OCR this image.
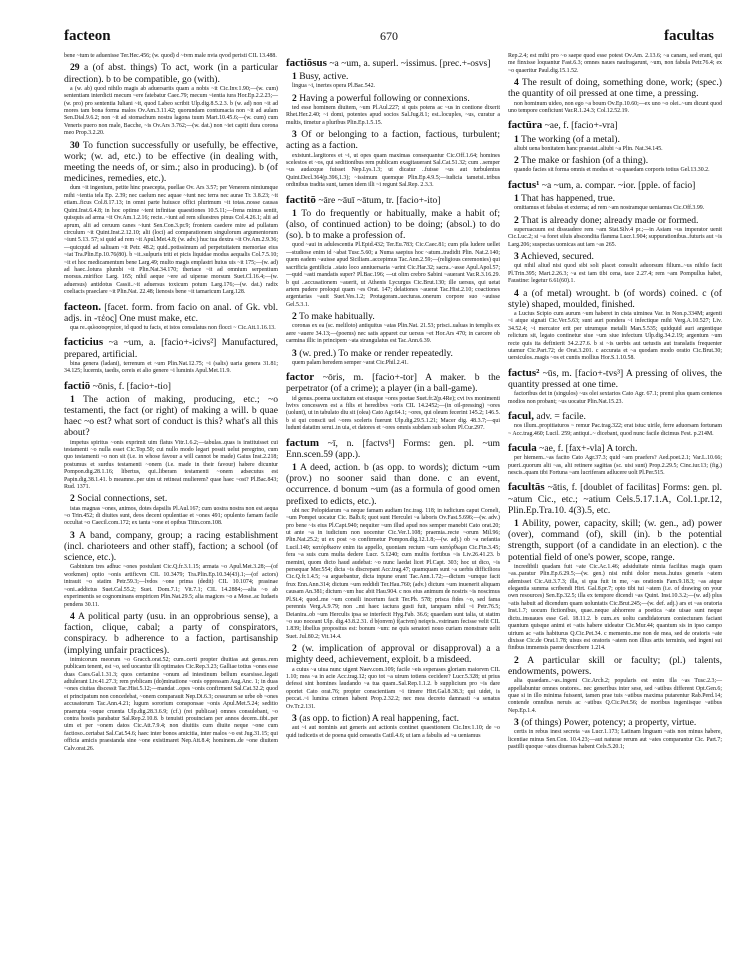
facteon	670	facultas

bene ~tum te aduenisse Ter.Hec.456; (w. quod) d ~tvm male nvia qvod peristi CIL 13.488.

29 a (of abst. things) To act, work (in a particular direction). b to be compatible, go (with).

a (w. ab) quod nihilo magis ab aduersariis quam a nobis ~it Cic.Inv.1.90;—(w. cum) sententiam interdicti mecum ~ere fatebatur Caec.79; mecum ~ientia iura Hor.Ep.2.2.23;—(w. pro) pro sententia Iuliani ~it, quod Labeo scribit Ulp.dig.8.5.2.3. b (w. ad) non ~it ad mores tam bona forma malos Ov.Am.3.11.42; quorundam contumacia non ~it ad aulam Sen.Dial.9.6.2; non ~it ad stomachum nostra lagona tuum Mart.10.45.6;—(w. cum) cum Veneris puero non male, Bacche, ~is Ov.Ars 3.762;—(w. dat.) non ~iet capiti dura corona meo Prop.3.2.20.

30 To function successfully or usefully, be effective, work; (w. ad, etc.) to be effective (in dealing with, meeting the needs of, or sim.; also in producing). b (of medicines, remedies, etc.).

dum ~it ingenium, petite hinc praecepta, puellae Ov. Ars 3.57; per Venerem nimiumque mihi ~ientia tela Ep. 2.39; nec caelum nec aquae ~iunt nec terra nec aurae Tr. 3.8.23; ~it etiam..ficus Col.8.17.13; in omni parte huiusce offici plurimum ~it totas..nosse causas Quint.Inst.6.4.8; in hoc optime ~ient infinitae quaestiones 10.5.11;—frena minus sentit, quisquis ad arma ~it Ov.Am.1.2.16; recte..~iunt ad rem siluestres pinus Col.4.26.1; alii ad aprum, alii ad ceruum canes ~iunt Sen.Con.3.pr.9; frontem caedere mire ad pullatum circulum ~it Quint.Inst.2.12.10; alii (loci) ad comparationem singulorum argumentorum ~iunt 5.13. 57; si quid ad rem ~it Apul.Met.4.8; (w. adv.) huc tua dextra ~it Ov.Am.2.9.36;—quicquid ad saliuam ~it Petr. 48.2; quid..potissimum ad perpetuitatem memoriae eius ~iat Tra.Plin.Ep.10.76(80). b ~it..sulpuris triti et picis liquidae modus aequalis Col.7.5.10; ~it et hoc medicamentum bene Larg.49; multo magis emplastri huius uis ~it 175;—(w. ad) ad haec..lotura plumbi ~it Plin.Nat.34.170; theriace ~it ad omnium serpentium morsus..mirifice Larg. 165; nihil aeque ~ere ad uiperae morsum Suet.Cl.16.4;—(w. aduersus) antidotus Cassii..~it aduersus toxicum potum Larg.176;—(w. dat.) radix coeliacis praeclare ~it Plin.Nat. 22.48; lienosis bene ~it tamaricum Larg.128.

facteon. [facet. form. from facio on anal. of Gk. vbl. adjs. in -τέος] One must make, etc.

qua re..φιλοσοφητέον, id quod tu facis, et istos consulatus non flocci ~ Cic.Att.1.16.13.

facticius ~a ~um, a. [facio+-icivs²] Manufactured, prepared, artificial.

bina genera (ladani), terrenum et ~um Plin.Nat.12.75; ~i (salis) uaria genera 31.81; 34.125; lucernis, taedis, cereis et alio genere ~i luminis Apul.Met.11.9.

factiō ~ōnis, f. [facio+-tio]

1 The action of making, producing, etc.; ~o testamenti, the fact (or right) of making a will. b quae haec ~o est? what sort of conduct is this? what's all this about?

impetus spiritus ~onis exprimit uim flatus Vitr.1.6.2;—tabulas..quas is instituisset cui testamenti ~o nulla esset Cic.Top.50; cui nullo modo legari possit uelut peregrino, cum quo testamenti ~o non sit (i.e. in whose favour a will cannot be made) Gaius Inst.2.218; postumus et surdus testamenti ~onem (i.e. made in their favour) habere dicuntur Pompon.dig.28.1.16; libertus, qui..liberam testamenti ~onem adsecutus est Papin.dig.38.1.41. b meamne..per uim ut retineat mulierem? quae haec ~ost? Pl.Bac.843; Rud. 1371.

2 Social connections, set.

istas magnas ~ones, animos, dotes dapsilis Pl.Aul.167; cum uostra nostra non est aequa ~o Trin.452; di diuites sunt, deos decent opulentiae et ~ones 491; opulento famam facile occultat ~o Caecil.com.172; ex tanta ~one et opibus Titin.com.108.

3 A band, company, group; a racing establishment (incl. charioteers and other staff), faction; a school (of science, etc.).

Gabinium tres adhuc ~ones postulant Cic.Q.fr.3.1.15; armata ~o Apul.Met.3.28;—(of workmen) optio ~onis artificvm CIL 10.3479; Tra.Plin.Ep.10.34(43).1;—(of actors) intrauit ~o statim Petr.59.3;—lvdos ~one prima (dedit) CIL 10.1074; prasinae ~oni..addictus Suet.Cal.55.2; Suet. Dom.7.1; Vit.7.1; CIL 14.2884;—alia ~o ab experimentis se cognominans empiricen Plin.Nat.29.5; alia magices ~o a Mose..ac Iudaeis pendens 30.11.

4 A political party (usu. in an opprobrious sense), a faction, clique, cabal; a party of conspirators, conspiracy. b adherence to a faction, partisanship (implying unfair practices).

inimicorum meorum ~o Gracch.orat.52; cum..certi propter diuitias aut genus..rem publicam tenent, est ~o, sed uocantur illi optimates Cic.Rep.3.23; Galliae totius ~ones esse duas Caes.Gal.1.31.3; quos certamine ~onum ad intestinum bellum exarsisse..legati adtulerant Liv.41.27.3; rem pvblicam (do)minatione ~onis oppressam Aug.Anc. 1; in duas ~ones ciuitas discessit Tac.Hist.5.12;—mandat ..opes ~onis confirment Sal.Cat.32.2; quod ei principatum non concedebat, ~onem comparauit Nep.Di.6.3; cessurum se urbe ob ~ones accusatorum Tac.Ann.4.21; lugum sororium consponsae ~onis Apul.Met.5.24; seditio praerupta ~oque cruenta Ulp.dig.28.3.6.9; (cf.) (rei publicae) omnes consulebant, ~o contra hostis parabatur Sal.Rep.2.10.8. b tenuisti prouinciam per annos decem..tibi..per uim et per ~onem datos Cic.Att.7.9.4; non diuitiis cum diuite neque ~one cum factioso..certabat Sal.Cat.54.6; haec inter bonos amicitia, inter malos ~o est Jug.31.15; qui officia amicis praestanda sine ~one existimaret Nep.Att.8.4; hominem..de ~one diuitem Calv.orat.26.

factiōsus ~a ~um, a. superl. ~issimus. [prec.+-osvs]

1 Busy, active.

lingua ~i, inertes opera Pl.Bac.542.

2 Having a powerful following or connexions.

ted esse hominem diuitem, ~um Pl.Aul.227; si quis potens ac ~us in contione dixerit Rhet.Her.2.40; ~i domi, potentes apud socios Sal.Jug.8.1; est..locuples, ~us, curatur a multis, timetur a pluribus Plin.Ep.1.5.15.

3 Of or belonging to a faction, factious, turbulent; acting as a faction.

existunt..largitores et ~i, ut opes quam maximas consequantur Cic.Off.1.64; homines scelestos et ~os, qui seditionibus rem publicam exagitauerant Sal.Cat.51.32; cum ..semper ~us audaxque fuisset Nep.Lys.1.3; ut dicatur ..fuisse ~us aut turbulentus Quint.Decl.364(p.396,1.3); ~issimum quemque Plin.Ep.4.9.5;—iudicia tametsi..tribus ordinibus tradita sunt, tamen idem illi ~i regunt Sal.Rep. 2.3.3.

factitō ~āre ~āuī ~ātum, tr. [facio+-ito]

1 To do frequently or habitually, make a habit of; (also, of continued action) to be doing; (absol.) to do (so). b to make a profession of.

quod ~aui in adulescentia Pl.Epid.432; Ter.Eu.783; Cic.Caec.81; cum pila ludere uellet—studiose enim id ~abat Tusc.5.60; a Numa saepius hoc ~atum..tradidit Plin. Nat.2.140; quem eadem ~auisse apud Siciliam..accepimus Tac.Ann.2.59;—(religious ceremonies) qui sacrificia gentilicia ..stato loco anniuersaria ~arint Cic.Har.32; sacra..~asse Apul.Apol.57;—quid ~asti mandatis super? Pl.Bac.196; —ut olim crebro Sabini ~auerant Var.R.3.16.29. b qui ..accusationem ~auerit, ut Athenis Lycurgus Cic.Brut.130; ille uersus, qui uetat artem pudere proloqui quam ~es Orat. 147; delationes ~auerat Tac.Hist.2.10; coactiones argentarias ~auit Suet.Ves.1.2; Protagoram..uecturas..onerum corpore suo ~auisse Gel.5.3.1.

2 To make habitually.

coronas ex ea (sc. meliloto) antiquitus ~atas Plin.Nat. 21.53; prisci..ualuas in templis ex aere ~auere 34.13;—(poems) nec satis apparet cur uersus ~et Hor.Ars 470; in carcere ob carmina illic in principem ~ata strangulatus est Tac.Ann.6.39.

3 (w. pred.) To make or render repeatedly.

quem palam heredem semper ~arat Cic.Phil.2.41.

factor ~ōris, m. [facio+-tor] A maker. b the perpetrator (of a crime); a player (in a ball-game).

id genus..poema uocitatum est eiusque ~ores poetae Suet.fr.2(p.4Re); cvi ivs monimenti hvivs concessvm est a filis et heredibvs ~oris CIL 14.2452;—(in oil-pressing) ~ores (uolunt), ut in tabulato diu sit (olea) Cato Agr.64.1; ~ores, qui oleum fecerint 145.2; 146.5. b si qui conscii uel ~ores sceleris fuerunt Ulp.dig.29.5.1.21; Macer dig. 48.3.7;—qui ludunt datatim serui..in uia, et datores et ~ores omnis subdam sub solum Pl.Cur.297.

factum ~ī, n. [factvs¹] Forms: gen. pl. ~um Enn.scen.59 (app.).

1 A deed, action. b (as opp. to words); dictum ~um (prov.) no sooner said than done. c an event, occurrence. d bonum ~um (as a formula of good omen prefixed to edicts, etc.).

ubi nec Pelopidarum ~a neque famam audiam Inc.trag. 118; in iudicium caput Corneli, ~um Pompei uocatur Cic. Balb.6; quot sunt Herculei ~a laboris Ov.Fast.5.696;—(w. adv.) pro bene ~is eius Pl.Capt.940; nequiter ~um illud apud nos semper manebit Cato orat.20; ut ante ~a in iudicium non uocentur Cic.Ver.1.108; praemia..recte ~orum Mil.96; Plin.Nat.25.2; ut ex post ~o confirmetur Pompon.dig.12.1.8;—(w. adj.) ob ~a nefantia Lucil.140; κατόρθωσιν enim ita appello, quoniam rectum ~um κατόρθωμα Cic.Fin.3.45; fera ~a suis cum multa dedere Lucr. 5.1240; cum multis fortibus ~is Liv.26.41.23. b memini, quom dicto haud audebat: ~o nunc laedat licet Pl.Capt. 303; hoc ut dico, ~is persequar Mer.554; dicta ~is discrepant Acc.trag.47; quamquam sunt ~a uerbis difficiliora Cic.Q.fr.1.4.5; ~a arguebantur, dicta inpune erant Tac.Ann.1.72;—dictum ~umque facit frux Enn.Ann.314; dictum ~um reddidi Ter.Hau.760; (adv.) dictum ~um inuenerit aliquam causam An.381; dictum ~um huc abit Hau.904. c nos eius animum de nostris ~is noscimus Pl.St.4; quod..me ~um consili incertum facit Ter.Ph. 578; prisca fides ~o, sed fama perennis Verg.A.9.79; non ..mi haec iactura gusti fuit, tanquam nihil ~i Petr.76.5; Deianira..ob ~um Herculis ipsa se interfecit Hyg.Fab. 36.6; quaedam sunt talia, ut statim ~o suo noceant Ulp. dig.43.8.2.31. d b(onvm) f(actvm) neiqvis..vstrinam fecisse velit CIL 1.839; libellus propositus est: bonum ~um: ne quis senatori nouo curiam monstrare uelit Suet. Jul.80.2; Vit.14.4.

2 (w. implication of approval or disapproval) a a mighty deed, achievement, exploit. b a misdeed.

a cuius ~a uiua nunc uigent Naev.com.109; facile ~eis svperases gloriam maiorvm CIL 1.10; mea ~a in acie Acc.trag.12; quo tot ~a uirum totiens cecidere? Lucr.5.328; ut prius defessi sint homines laudando ~a tua quam..Sal.Rep.1.1.2. b supplicium pro ~is dare oportet Cato orat.76; propter conscientiam ~i timere Hirt.Gal.8.38.3; qui uidet, is peccat..~i lumina crimen habent Prop.2.32.2; nec mea decreto damnasti ~a senatus Ov.Tr.2.131.

3 (as opp. to fiction) A real happening, fact.

aut ~i aut nominis aut generis aut actionis continet quaestionem Cic.Inv.1.10; de ~o quid iudicetis et de poena quid censeatis Catil.4.6; ut iam a fabulis ad ~a ueniamus

Rep.2.4; est mihi pro ~o saepe quod esse potest Ov.Am. 2.13.6; ~a canam, sed erant, qui me finxisse loquantur Fast.6.3; omnes naues naufragarunt, ~um, non fabula Petr.76.4; ex ~o quaeritur Paul.dig.15.1.52.

4 The result of doing, something done, work; (spec.) the quantity of oil pressed at one time, a pressing.

non hominum uideo, non ego ~a boum Ov.Ep.10.60;—ex uno ~o olei..~um dicunt quod uno tempore conficiunt Var.R.1.24.3; Col.12.52.19.

factūra ~ae, f. [facio+-vra]

1 The working (of a metal).

aliubi uena bonitatem hanc praestat..aliubi ~a Plin. Nat.34.145.

2 The make or fashion (of a thing).

quando facies sit forma omnis et modus et ~a quaedam corporis totius Gel.13.30.2.

factus¹ ~a ~um, a. compar. ~ior. [pple. of facio]

1 That has happened, true.

omittamus et fabulas et externa; ad rem ~am nostramque ueniamus Cic.Off.3.99.

2 That is already done; already made or formed.

superuacuum est dissuadere rem ~am Stat.Silv.4 pr.;—in Asiam ~us imperator uenit Cic.Luc.2; si ~a foret siluis abscondita flamma Lucr.1.904; suppurationibus..futuris aut ~is Larg.206; suspectas uomicas aut iam ~as 265.

3 Achieved, secured.

qui nihil aliud nisi quod sibi soli placet consulit aduorsum filium..~us nihilo facit Pl.Trin.395; Mart.2.26.3; ~a est iam tibi cena, tace 2.27.4; rem ~am Pompullus habet, Faustine: legetur 6.61(60).1.

4 a (of metal) wrought. b (of words) coined. c (of style) shaped, moulded, finished.

a Lucius Scipio cum aurum ~um haberet in cista uiminea Var. in Non.p.334M; argenti ~i atque signati Cic.Ver.5.63; sunt auri pondera ~i infectique mihi Verg.A.10.527; Liv. 34.52.4; ~i mercator erit per utrumque metalli Man.5.535; quidquid auri argentique relictum sit, legato continetur siue ~um siue infectum Ulp.dig.34.2.19; argentum ~um recte quis ita definierit 34.2.27.6. b si ~is uerbis aut uetustis aut translatis frequenter utamur Cic.Part.72; de Orat.3.201. c accurata et ~a quodam modo oratio Cic.Brut.30; uersiculos..magis ~os et cuntis mollius Hor.S.1.10.58.

factus² ~ūs, m. [facio+-tvs³] A pressing of olives, the quantity pressed at one time.

factoribus det in (singulos) ~us olei sextarios Cato Agr. 67.1; premi plus quam centenos modios non probant; ~us uocatur Plin.Nat.15.23.

facul, adv. = facile.

nos illum..propitiaturos ~ remur Pac.trag.322; erat istuc uirile, ferre aduorsam fortunam ~ Acc.trag.460; Lucil. 259; antiqui..~ dicebant, quod nunc facile dicimus Fest. p.214M.

facula ~ae, f. [fax+-vla] A torch.

per hiemem..~as facito Cato Agr.37.3; quid ~am praefers? Aed.poet.2.1; Var.L.10.66; pueri..quorum alii ~as, alii retinere sagittas (sc. uisi sunt) Prop.2.29.5; Cinc.iur.13; (fig.) nescis..quam tibi Fortuna ~am lucriferam adlucere uolt Pl.Per.515.

facultās ~ātis, f. [doublet of facilitas] Forms: gen. pl. ~atum Cic., etc.; ~atium Cels.5.17.1.A, Col.1.pr.12, Plin.Ep.Tra.10. 4(3).5, etc.

1 Ability, power, capacity, skill; (w. gen., ad) power (over), command (of), skill (in). b the potential strength, support (of a candidate in an election). c the potential field of one's power, scope, range.

incredibili quadam fuit ~ate Cic.Ac.1.46; adsiduitate nimia facilitas magis quam ~as..paratur Plin.Ep.6.29.5;—(w. gen.) nisi mihi dolor meus..huius generis ~atem ademisset Cic.Att.3.7.3; illa, si qua fuit in me, ~as orationis Fam.9.18.3; ~as atque elegantia summa scribendi Hirt. Gal.8.pr.7; opto tibi tui ~atem (i.e. of drawing on your own resources) Sen.Ep.32.5; illa ex tempore dicendi ~as Quint. Inst.10.3.2;—(w. ad) plus ~atis habuit ad dicendum quam uoluntatis Cic.Brut.245;—(w. def. adj.) ars et ~as oratoria Inst.1.7; uocum fictionibus, quae..neque abhorrere a poetica ~ate uisae sunt neque dictu..insuaues esse Gel. 18.11.2. b cum..ex uoltu candidatorum coniecturam faciant quantum quisque animi et ~atis habere uideatur Cic.Mur.44; quantum sis in ipso campo uirium ac ~atis habiturus Q.Cic.Pet.34. c memento..me non de mea, sed de oratoris ~ate dixisse Cic.de Orat.1.78; uisus est oratoris ~atem non illius artis terminis, sed ingeni sui finibus immensis paene describere 1.214.

2 A particular skill or faculty; (pl.) talents, endowments, powers.

alia quaedam..~as..ingeni Cic.Arch.2; popularis est enim illa ~as Tusc.2.3;—appellabuntur omnes oratores.. nec generibus inter sese, sed ~atibus different Opt.Gen.6; quae si in illo minima fuissent, tamen prae tuis ~atibus maxima putarentur Rab.Perd.14; contende omnibus neruis ac ~atibus Q.Cic.Pet.56; de moribus ingeniisque ~atibus Nep.Ep.1.4.

3 (of things) Power, potency; a property, virtue.

certis in rebus inest secreta ~as Lucr.1.173; Latinam linguam ~atis non minus habere, licentiae minus Sen.Con. 10.4.23;—aut naturae rerum aut ~ates comparantur Cic. Part.7; pastilli quoque ~ates diuersas habent Cels.5.20.1;
